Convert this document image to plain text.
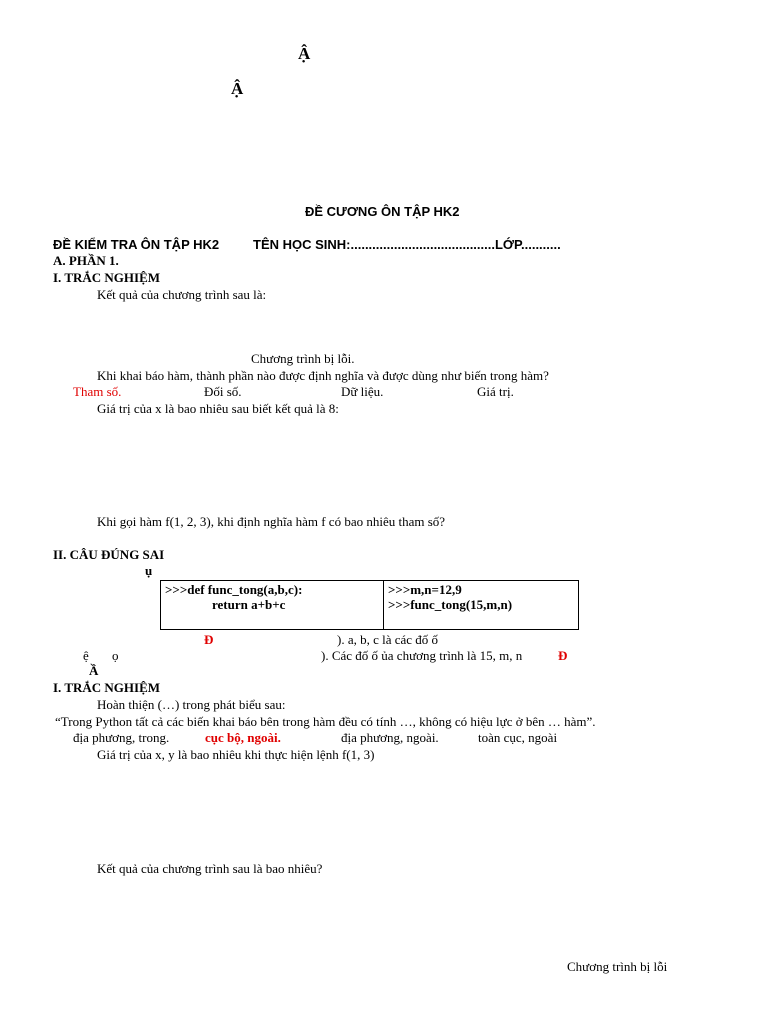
Ậ
Ậ
ĐỀ CƯƠNG ÔN TẬP HK2
ĐỀ KIỂM TRA ÔN TẬP HK2	TÊN HỌC SINH:........................................LỚP...........
A. PHẦN 1.
I. TRẮC NGHIỆM
Kết quả của chương trình sau là:
Chương trình bị lỗi.
Khi khai báo hàm, thành phần nào được định nghĩa và được dùng như biến trong hàm?
Tham số.	Đối số.	Dữ liệu.	Giá trị.
Giá trị của x là bao nhiêu sau biết kết quả là 8:
Khi gọi hàm f(1, 2, 3), khi định nghĩa hàm f có bao nhiêu tham số?
II. CÂU ĐÚNG SAI
ụ
>>>def func_tong(a,b,c):
return a+b+c

>>>m,n=12,9
>>>func_tong(15,m,n)
Đ	). a, b, c là các đố ố
ệ ọ	). Các đố ố ủa chương trình là 15, m, n	Đ
Ầ
I. TRẮC NGHIỆM
Hoàn thiện (…) trong phát biểu sau:
“Trong Python tất cả các biến khai báo bên trong hàm đều có tính …, không có hiệu lực ở bên … hàm”.
địa phương, trong.	cục bộ, ngoài.	địa phương, ngoài.	toàn cục, ngoài
Giá trị của x, y là bao nhiêu khi thực hiện lệnh f(1, 3)
Kết quả của chương trình sau là bao nhiêu?
Chương trình bị lỗi
